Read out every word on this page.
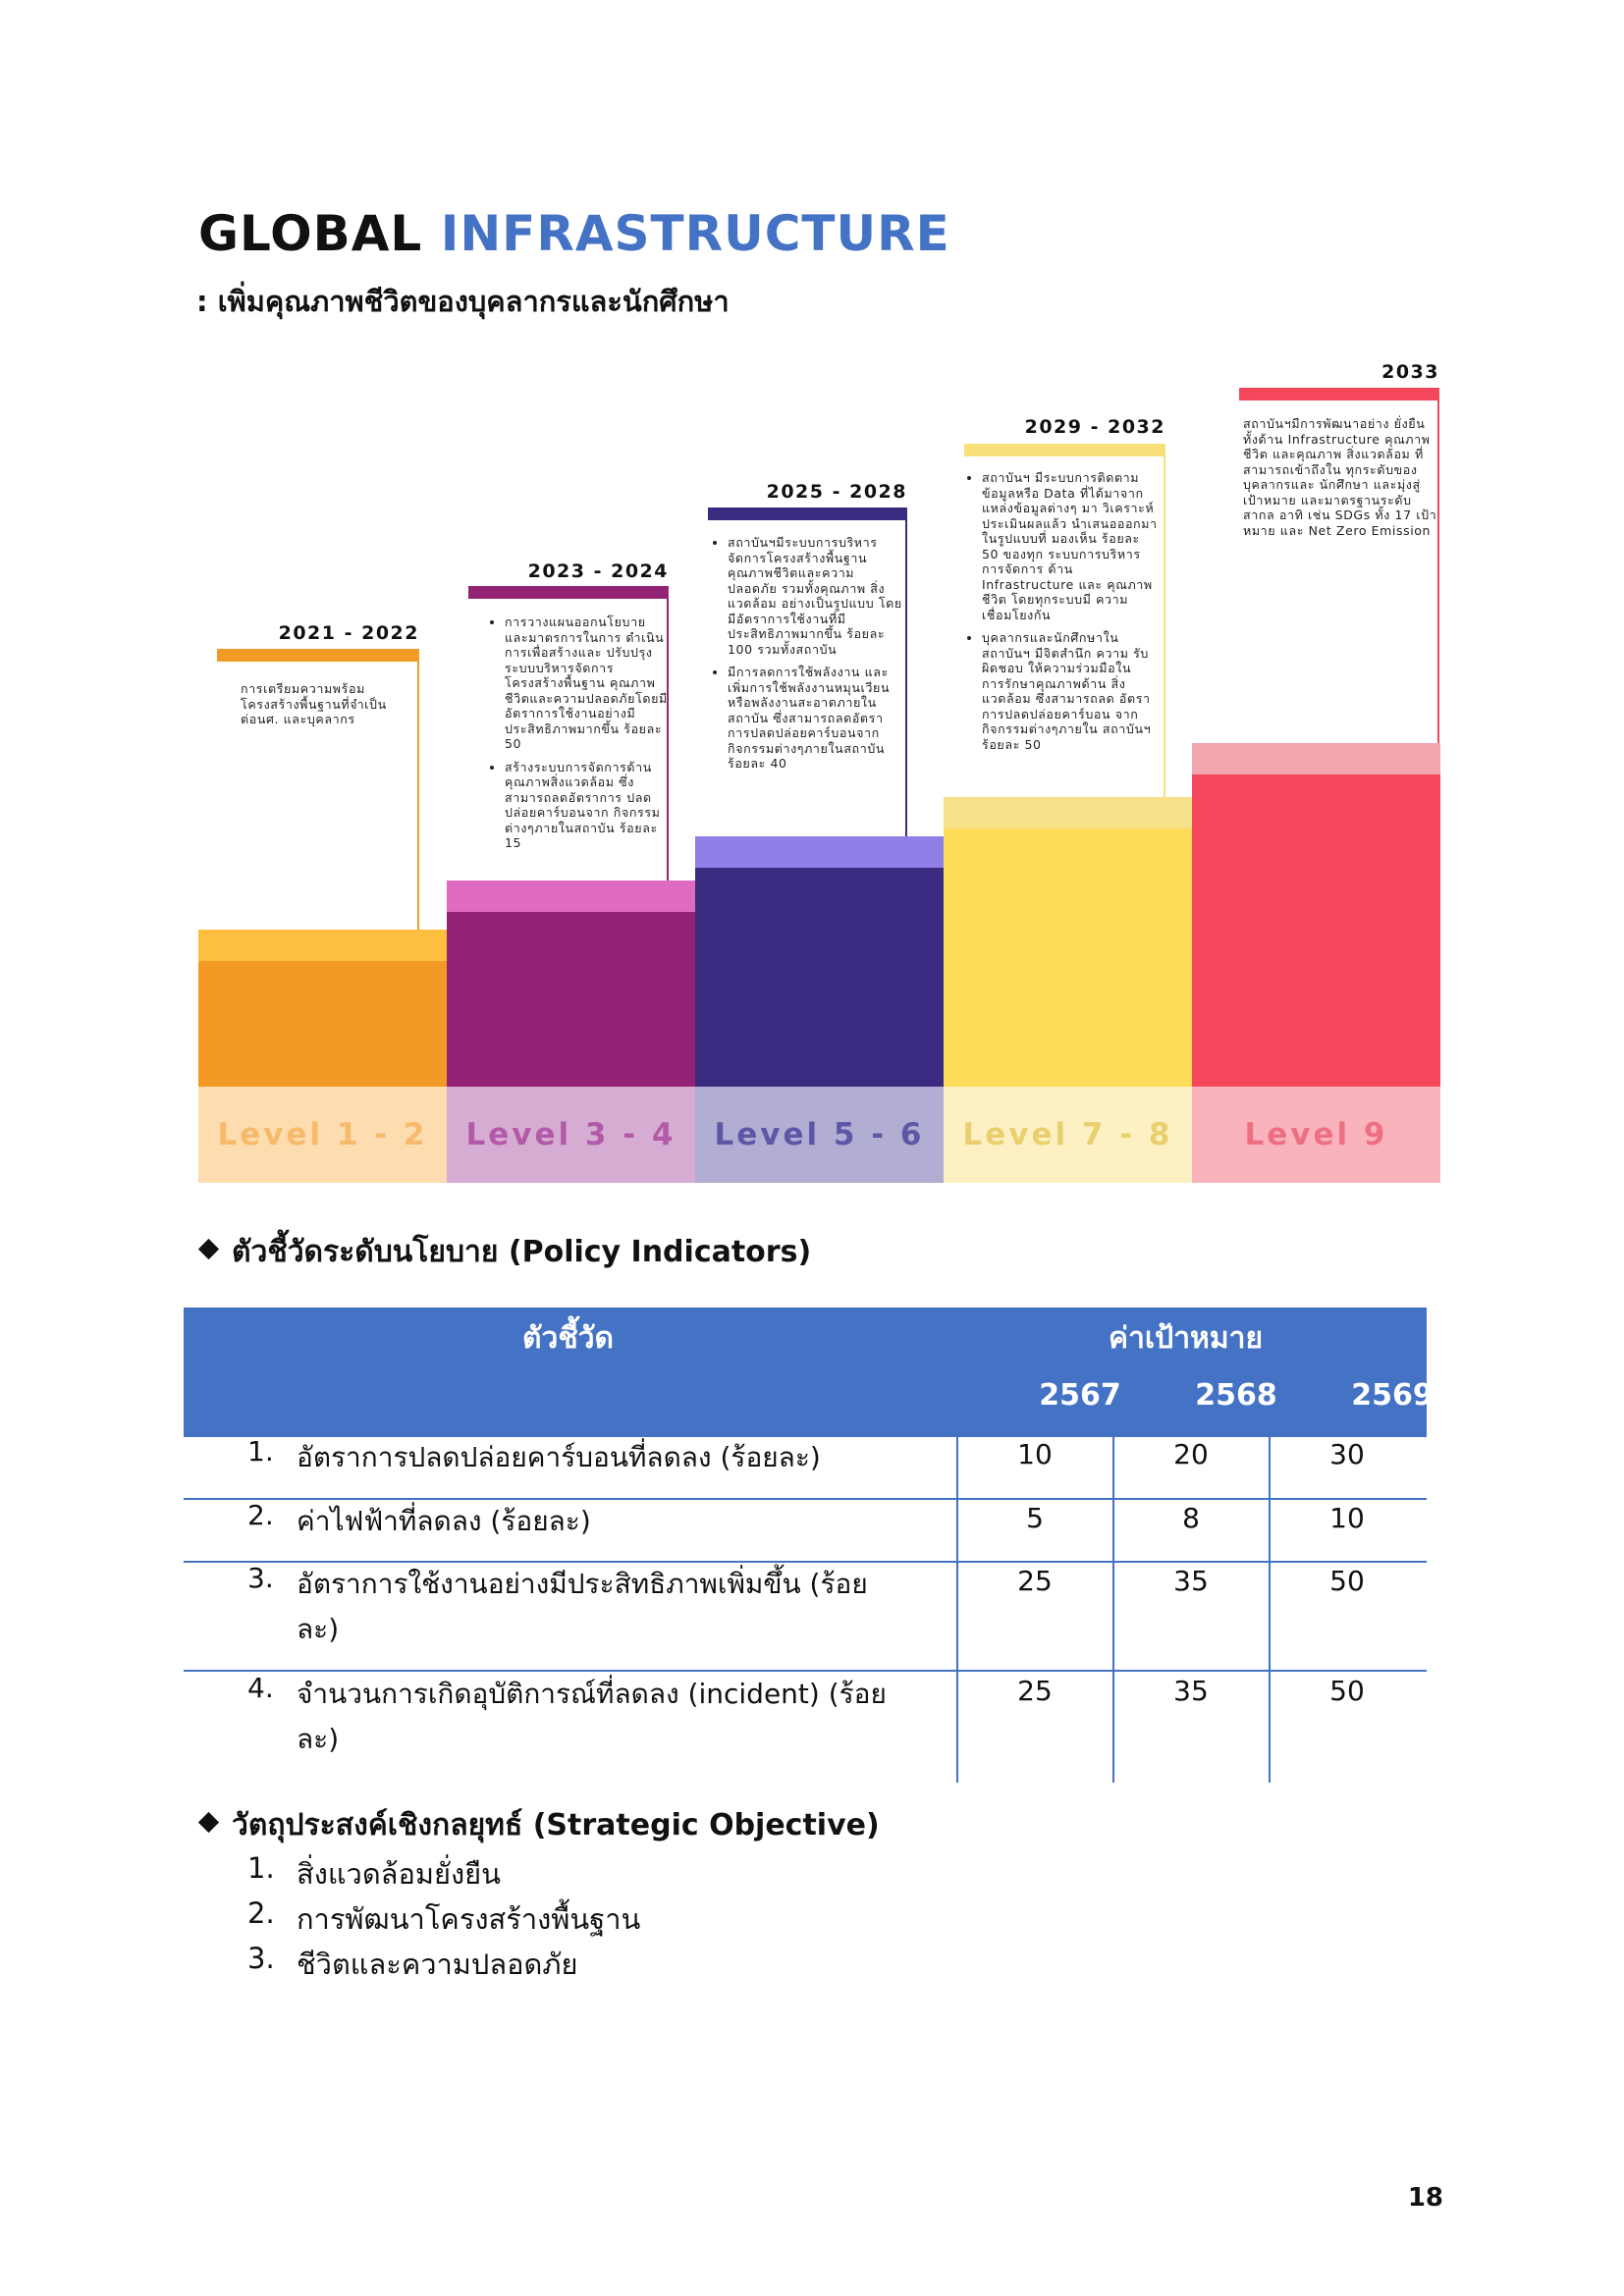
GLOBAL INFRASTRUCTURE
: เพิ่มคุณภาพชีวิตของบุคลากรและนักศึกษา
Level 1 - 2
2021 - 2022
การเตรียมความพร้อม โครงสร้างพื้นฐานที่จำเป็น ต่อนศ. และบุคลากร
Level 3 - 4
2023 - 2024
• การวางแผนออกนโยบาย และมาตรการในการ ดำเนินการเพื่อสร้างและ ปรับปรุงระบบบริหารจัดการ โครงสร้างพื้นฐาน คุณภาพ ชีวิตและความปลอดภัยโดยมี อัตราการใช้งานอย่างมี ประสิทธิภาพมากขึ้น ร้อยละ 50
• สร้างระบบการจัดการด้าน คุณภาพสิ่งแวดล้อม ซึ่ง สามารถลดอัตราการ ปลดปล่อยคาร์บอนจาก กิจกรรมต่างๆภายในสถาบัน ร้อยละ 15
Level 5 - 6
2025 - 2028
• สถาบันฯมีระบบการบริหาร จัดการโครงสร้างพื้นฐาน คุณภาพชีวิตและความ ปลอดภัย รวมทั้งคุณภาพ สิ่งแวดล้อม อย่างเป็นรูปแบบ โดยมีอัตราการใช้งานที่มี ประสิทธิภาพมากขึ้น ร้อยละ 100 รวมทั้งสถาบัน
• มีการลดการใช้พลังงาน และ เพิ่มการใช้พลังงานหมุนเวียน หรือพลังงานสะอาดภายใน สถาบัน ซึ่งสามารถลดอัตรา การปลดปล่อยคาร์บอนจาก กิจกรรมต่างๆภายในสถาบัน ร้อยละ 40
Level 7 - 8
2029 - 2032
• สถาบันฯ มีระบบการติดตาม ข้อมูลหรือ Data ที่ได้มาจาก แหล่งข้อมูลต่างๆ มา วิเคราะห์ประเมินผลแล้ว นำเสนอออกมาในรูปแบบที่ มองเห็น ร้อยละ 50 ของทุก ระบบการบริหารการจัดการ ด้าน Infrastructure และ คุณภาพชีวิต โดยทุกระบบมี ความเชื่อมโยงกัน
• บุคลากรและนักศึกษาใน สถาบันฯ มีจิตสำนึก ความ รับผิดชอบ ให้ความร่วมมือใน การรักษาคุณภาพด้าน สิ่งแวดล้อม ซึ่งสามารถลด อัตราการปลดปล่อยคาร์บอน จากกิจกรรมต่างๆภายใน สถาบันฯ ร้อยละ 50
Level 9
2033
สถาบันฯมีการพัฒนาอย่าง ยั่งยืนทั้งด้าน Infrastructure คุณภาพชีวิต และคุณภาพ สิ่งแวดล้อม ที่สามารถเข้าถึงใน ทุกระดับของบุคลากรและ นักศึกษา และมุ่งสู่เป้าหมาย และมาตรฐานระดับสากล อาทิ เช่น SDGs ทั้ง 17 เป้าหมาย และ Net Zero Emission
ตัวชี้วัดระดับนโยบาย (Policy Indicators)
ตัวชี้วัด	ค่าเป้าหมาย
2567	2568	2569
1. อัตราการปลดปล่อยคาร์บอนที่ลดลง (ร้อยละ)	10	20	30
2. ค่าไฟฟ้าที่ลดลง (ร้อยละ)	5	8	10
3. อัตราการใช้งานอย่างมีประสิทธิภาพเพิ่มขึ้น (ร้อยละ)
25	35	50
4. จำนวนการเกิดอุบัติการณ์ที่ลดลง (incident) (ร้อยละ)
25	35	50
วัตถุประสงค์เชิงกลยุทธ์ (Strategic Objective)
1. สิ่งแวดล้อมยั่งยืน
2. การพัฒนาโครงสร้างพื้นฐาน
3. ชีวิตและความปลอดภัย
18
